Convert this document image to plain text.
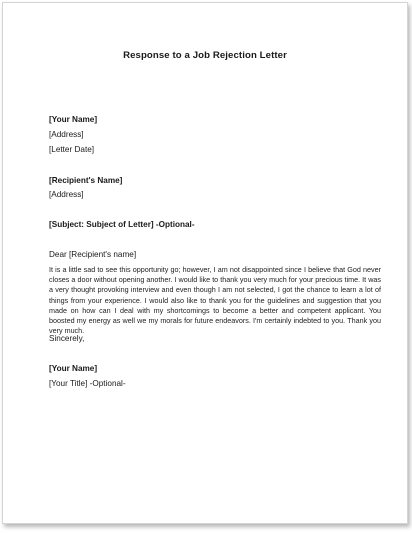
Response to a Job Rejection Letter
[Your Name]
[Address]
[Letter Date]
[Recipient's Name]
[Address]
[Subject: Subject of Letter] -Optional-
Dear [Recipient's name]
It is a little sad to see this opportunity go; however, I am not disappointed since I believe that God never closes a door without opening another. I would like to thank you very much for your precious time. It was a very thought provoking interview and even though I am not selected, I got the chance to learn a lot of things from your experience. I would also like to thank you for the guidelines and suggestion that you made on how can I deal with my shortcomings to become a better and competent applicant. You boosted my energy as well we my morals for future endeavors. I'm certainly indebted to you. Thank you very much.
Sincerely,
[Your Name]
[Your Title] -Optional-
